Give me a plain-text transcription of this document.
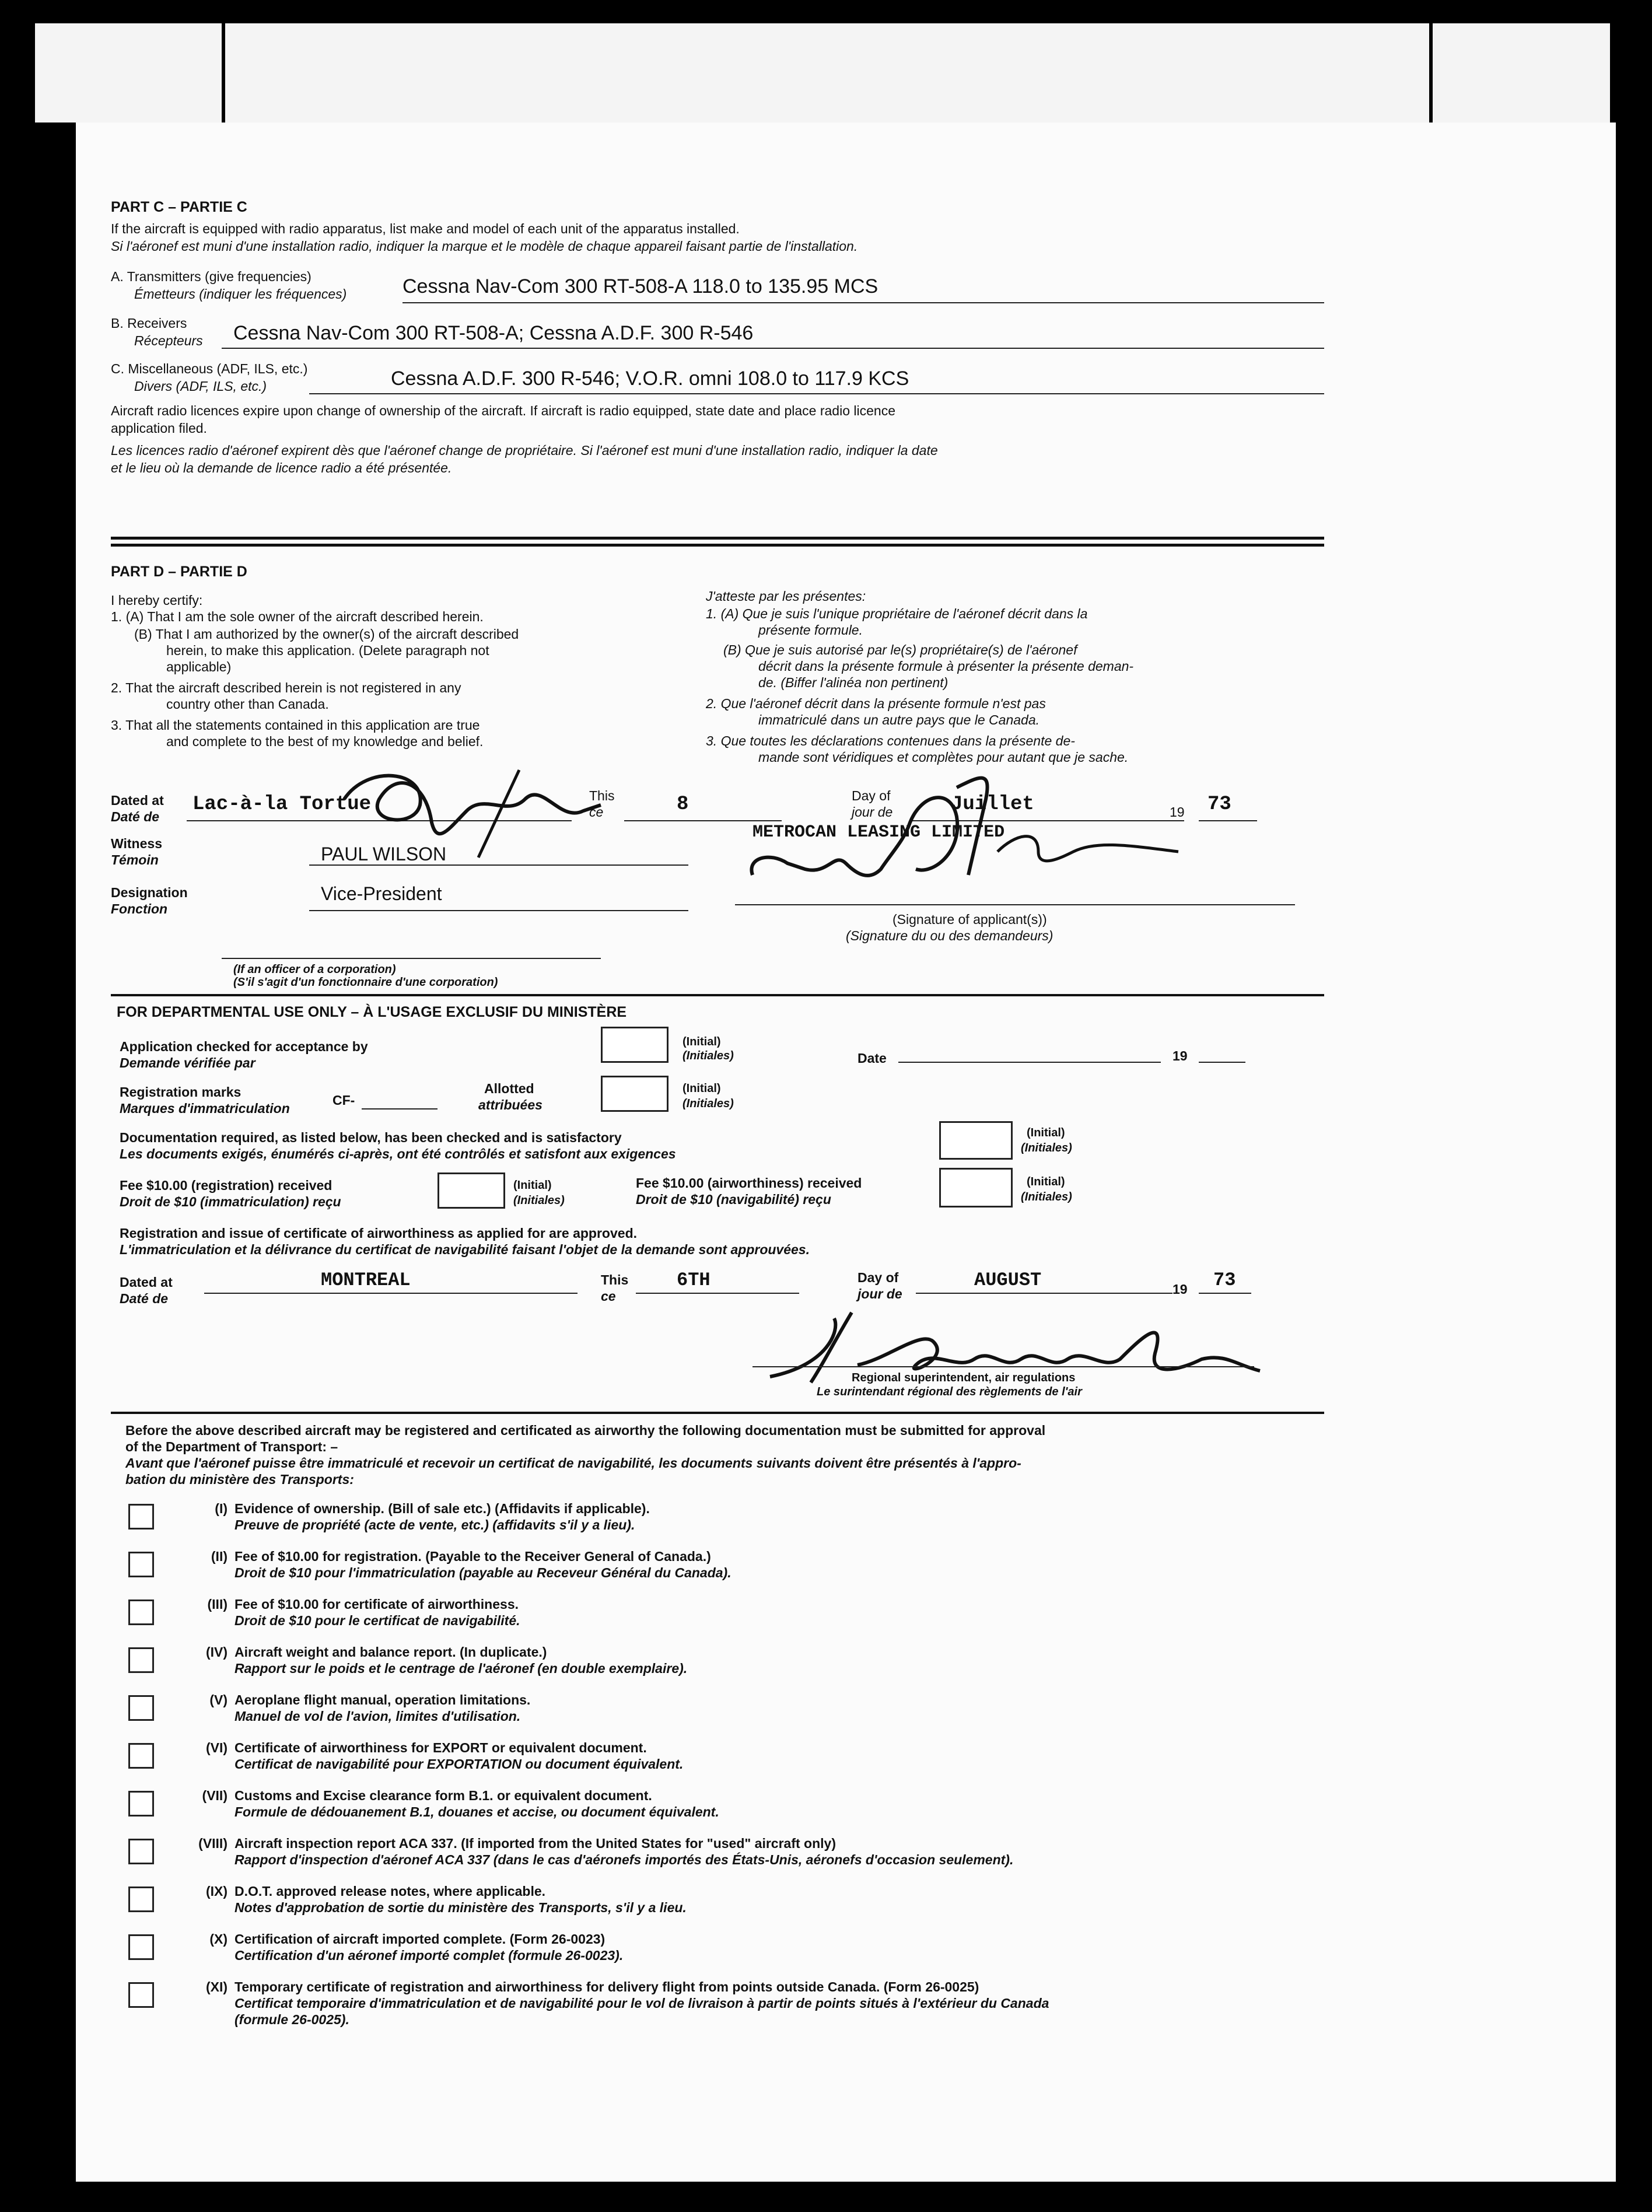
PART C – PARTIE C
If the aircraft is equipped with radio apparatus, list make and model of each unit of the apparatus installed.
Si l'aéronef est muni d'une installation radio, indiquer la marque et le modèle de chaque appareil faisant partie de l'installation.
A. Transmitters (give frequencies)
Émetteurs (indiquer les fréquences)	Cessna Nav-Com 300 RT-508-A 118.0 to 135.95 MCS
B. Receivers
Récepteurs Cessna Nav-Com 300 RT-508-A; Cessna A.D.F. 300 R-546
C. Miscellaneous (ADF, ILS, etc.)
Divers (ADF, ILS, etc.)	Cessna A.D.F. 300 R-546; V.O.R. omni 108.0 to 117.9 KCS
Aircraft radio licences expire upon change of ownership of the aircraft. If aircraft is radio equipped, state date and place radio licence
application filed.
Les licences radio d'aéronef expirent dès que l'aéronef change de propriétaire. Si l'aéronef est muni d'une installation radio, indiquer la date
et le lieu où la demande de licence radio a été présentée.
PART D – PARTIE D
I hereby certify:
1. (A) That I am the sole owner of the aircraft described herein.
(B) That I am authorized by the owner(s) of the aircraft described
herein, to make this application. (Delete paragraph not
applicable)
2. That the aircraft described herein is not registered in any
country other than Canada.
3. That all the statements contained in this application are true
and complete to the best of my knowledge and belief.
J'atteste par les présentes:
1. (A) Que je suis l'unique propriétaire de l'aéronef décrit dans la
présente formule.
(B) Que je suis autorisé par le(s) propriétaire(s) de l'aéronef
décrit dans la présente formule à présenter la présente deman-
de. (Biffer l'alinéa non pertinent)
2. Que l'aéronef décrit dans la présente formule n'est pas
immatriculé dans un autre pays que le Canada.
3. Que toutes les déclarations contenues dans la présente de-
mande sont véridiques et complètes pour autant que je sache.
Dated at
Daté de
Lac-à-la Tortue	This
ce	8	Day of
jour de	Juillet	19 73
METROCAN LEASING LIMITED
Witness
Témoin	PAUL WILSON
Designation
Fonction
Vice-President
(Signature of applicant(s))
(Signature du ou des demandeurs)
(If an officer of a corporation)
(S'il s'agit d'un fonctionnaire d'une corporation)
FOR DEPARTMENTAL USE ONLY – À L'USAGE EXCLUSIF DU MINISTÈRE
Application checked for acceptance by
Demande vérifiée par
(Initial)
(Initiales)	Date	19
Registration marks
Marques d'immatriculation
CF-
Allotted
attribuées
(Initial)
(Initiales)
Documentation required, as listed below, has been checked and is satisfactory
Les documents exigés, énumérés ci-après, ont été contrôlés et satisfont aux exigences
(Initial)
(Initiales)
Fee $10.00 (registration) received
Droit de $10 (immatriculation) reçu
(Initial)
(Initiales)
Fee $10.00 (airworthiness) received
Droit de $10 (navigabilité) reçu
(Initial)
(Initiales)
Registration and issue of certificate of airworthiness as applied for are approved.
L'immatriculation et la délivrance du certificat de navigabilité faisant l'objet de la demande sont approuvées.
Dated at
Daté de
MONTREAL	This
ce
6TH	Day of
jour de
AUGUST	19 73
Regional superintendent, air regulations
Le surintendant régional des règlements de l'air
Before the above described aircraft may be registered and certificated as airworthy the following documentation must be submitted for approval
of the Department of Transport: –
Avant que l'aéronef puisse être immatriculé et recevoir un certificat de navigabilité, les documents suivants doivent être présentés à l'appro-
bation du ministère des Transports:
(I) Evidence of ownership. (Bill of sale etc.) (Affidavits if applicable).
Preuve de propriété (acte de vente, etc.) (affidavits s'il y a lieu).
(II) Fee of $10.00 for registration. (Payable to the Receiver General of Canada.)
Droit de $10 pour l'immatriculation (payable au Receveur Général du Canada).
(III) Fee of $10.00 for certificate of airworthiness.
Droit de $10 pour le certificat de navigabilité.
(IV) Aircraft weight and balance report. (In duplicate.)
Rapport sur le poids et le centrage de l'aéronef (en double exemplaire).
(V) Aeroplane flight manual, operation limitations.
Manuel de vol de l'avion, limites d'utilisation.
(VI) Certificate of airworthiness for EXPORT or equivalent document.
Certificat de navigabilité pour EXPORTATION ou document équivalent.
(VII) Customs and Excise clearance form B.1. or equivalent document.
Formule de dédouanement B.1, douanes et accise, ou document équivalent.
(VIII) Aircraft inspection report ACA 337. (If imported from the United States for "used" aircraft only)
Rapport d'inspection d'aéronef ACA 337 (dans le cas d'aéronefs importés des États-Unis, aéronefs d'occasion seulement).
(IX) D.O.T. approved release notes, where applicable.
Notes d'approbation de sortie du ministère des Transports, s'il y a lieu.
(X) Certification of aircraft imported complete. (Form 26-0023)
Certification d'un aéronef importé complet (formule 26-0023).
(XI) Temporary certificate of registration and airworthiness for delivery flight from points outside Canada. (Form 26-0025)
Certificat temporaire d'immatriculation et de navigabilité pour le vol de livraison à partir de points situés à l'extérieur du Canada
(formule 26-0025).
